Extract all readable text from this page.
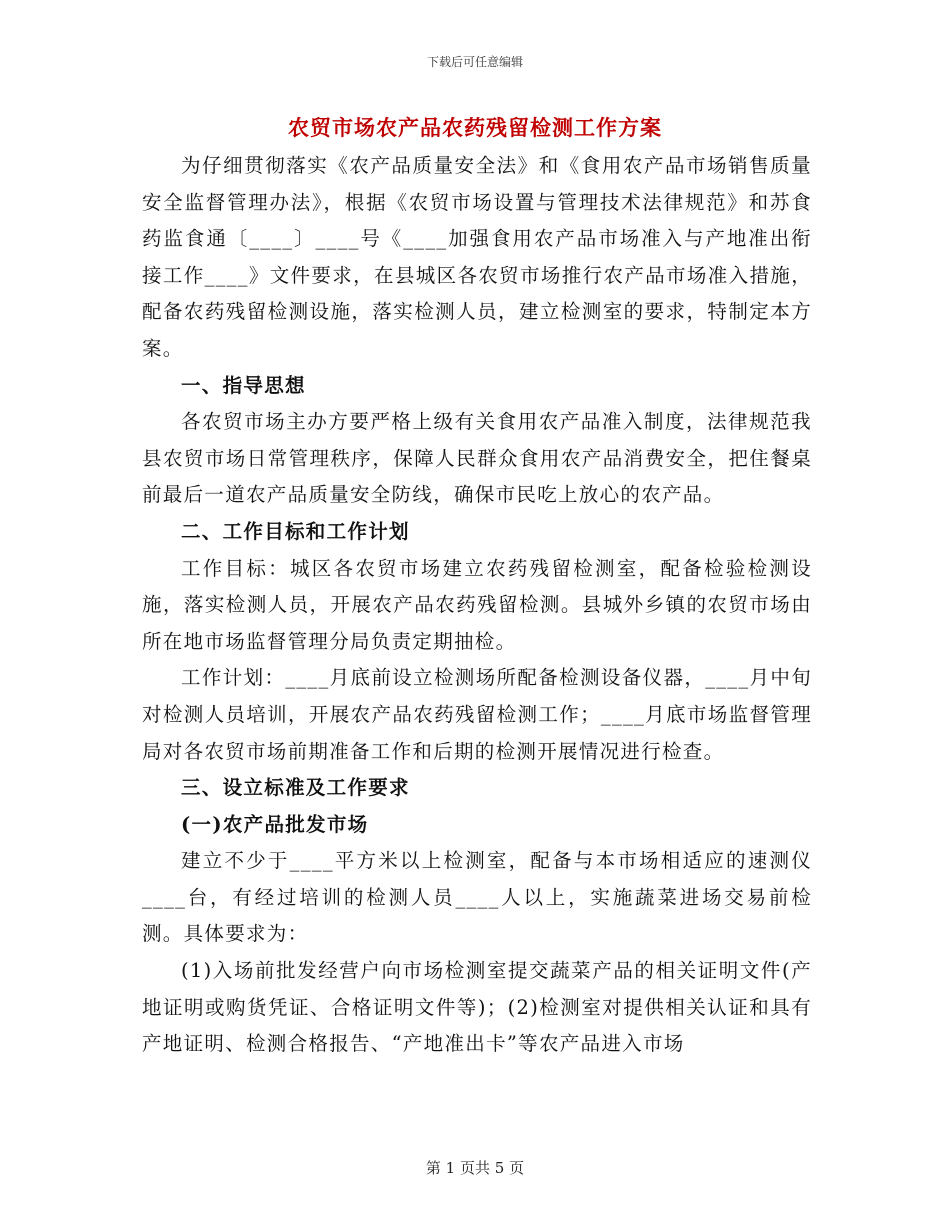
下载后可任意编辑
农贸市场农产品农药残留检测工作方案

为仔细贯彻落实《农产品质量安全法》和《食用农产品市场销售质量安全监督管理办法》，根据《农贸市场设置与管理技术法律规范》和苏食药监食通〔____〕____号《____加强食用农产品市场准入与产地准出衔接工作____》文件要求，在县城区各农贸市场推行农产品市场准入措施，配备农药残留检测设施，落实检测人员，建立检测室的要求，特制定本方案。

一、指导思想

各农贸市场主办方要严格上级有关食用农产品准入制度，法律规范我县农贸市场日常管理秩序，保障人民群众食用农产品消费安全，把住餐桌前最后一道农产品质量安全防线，确保市民吃上放心的农产品。

二、工作目标和工作计划

工作目标：城区各农贸市场建立农药残留检测室，配备检验检测设施，落实检测人员，开展农产品农药残留检测。县城外乡镇的农贸市场由所在地市场监督管理分局负责定期抽检。

工作计划：____月底前设立检测场所配备检测设备仪器，____月中旬对检测人员培训，开展农产品农药残留检测工作；____月底市场监督管理局对各农贸市场前期准备工作和后期的检测开展情况进行检查。

三、设立标准及工作要求

(一)农产品批发市场

建立不少于____平方米以上检测室，配备与本市场相适应的速测仪____台，有经过培训的检测人员____人以上，实施蔬菜进场交易前检测。具体要求为：

(1)入场前批发经营户向市场检测室提交蔬菜产品的相关证明文件(产地证明或购货凭证、合格证明文件等)；(2)检测室对提供相关认证和具有产地证明、检测合格报告、“产地准出卡”等农产品进入市场

第 1 页共 5 页
